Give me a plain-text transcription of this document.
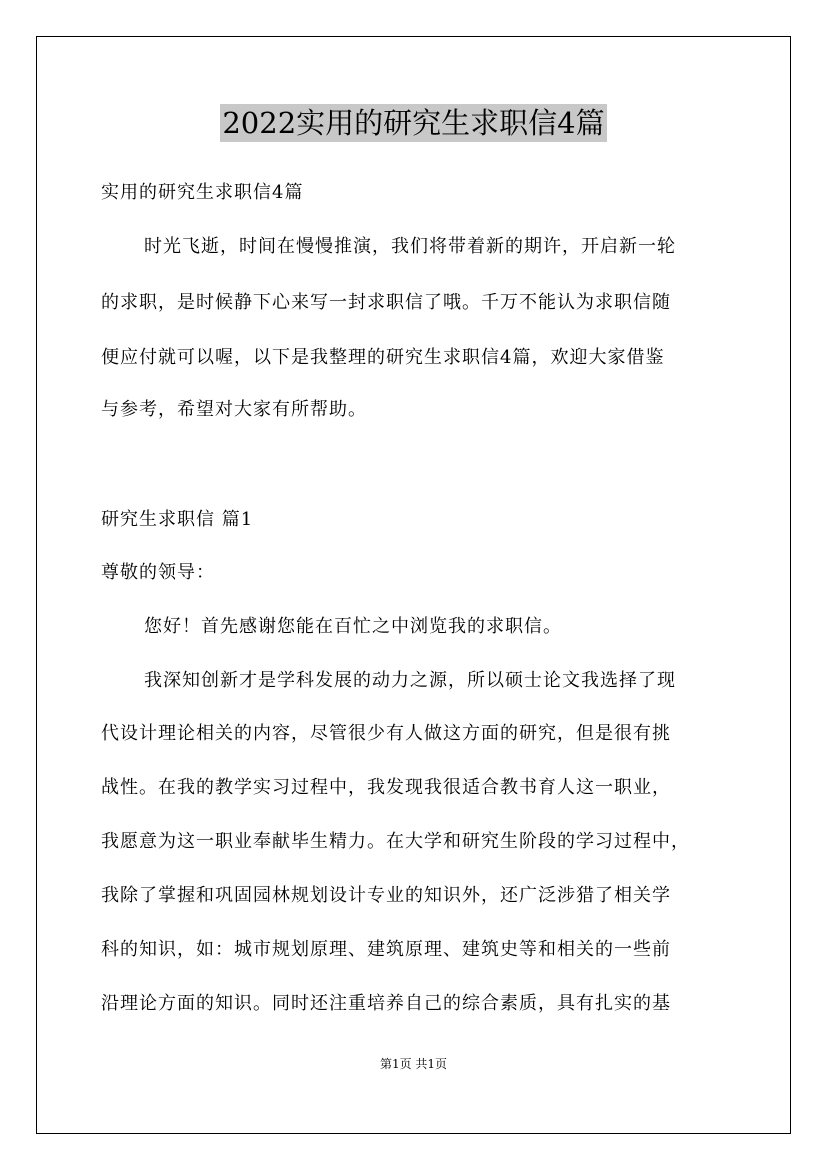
2022实用的研究生求职信4篇
实用的研究生求职信4篇
时光飞逝，时间在慢慢推演，我们将带着新的期许，开启新一轮
的求职，是时候静下心来写一封求职信了哦。千万不能认为求职信随
便应付就可以喔，以下是我整理的研究生求职信4篇，欢迎大家借鉴
与参考，希望对大家有所帮助。
研究生求职信 篇1
尊敬的领导：
您好！首先感谢您能在百忙之中浏览我的求职信。
我深知创新才是学科发展的动力之源，所以硕士论文我选择了现
代设计理论相关的内容，尽管很少有人做这方面的研究，但是很有挑
战性。在我的教学实习过程中，我发现我很适合教书育人这一职业，
我愿意为这一职业奉献毕生精力。在大学和研究生阶段的学习过程中，
我除了掌握和巩固园林规划设计专业的知识外，还广泛涉猎了相关学
科的知识，如：城市规划原理、建筑原理、建筑史等和相关的一些前
沿理论方面的知识。同时还注重培养自己的综合素质，具有扎实的基
第1页 共1页
